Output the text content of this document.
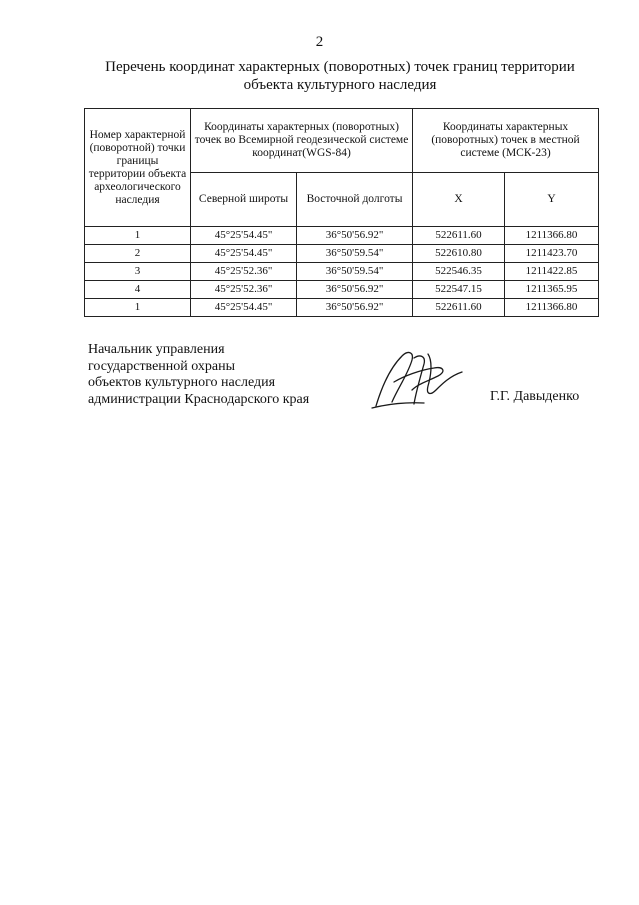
2
Перечень координат характерных (поворотных) точек границ территории
объекта культурного наследия
Номер характерной (поворотной) точки границы территории объекта археологического наследия	Координаты характерных (поворотных) точек во Всемирной геодезической системе координат(WGS-84)		Координаты характерных (поворотных) точек в местной системе (МСК-23)	
	Северной широты	Восточной долготы	X	Y
1	45°25'54.45"	36°50'56.92"	522611.60	1211366.80
2	45°25'54.45"	36°50'59.54"	522610.80	1211423.70
3	45°25'52.36"	36°50'59.54"	522546.35	1211422.85
4	45°25'52.36"	36°50'56.92"	522547.15	1211365.95
1	45°25'54.45"	36°50'56.92"	522611.60	1211366.80
Начальник управления
государственной охраны
объектов культурного наследия
администрации Краснодарского края	Г.Г. Давыденко
